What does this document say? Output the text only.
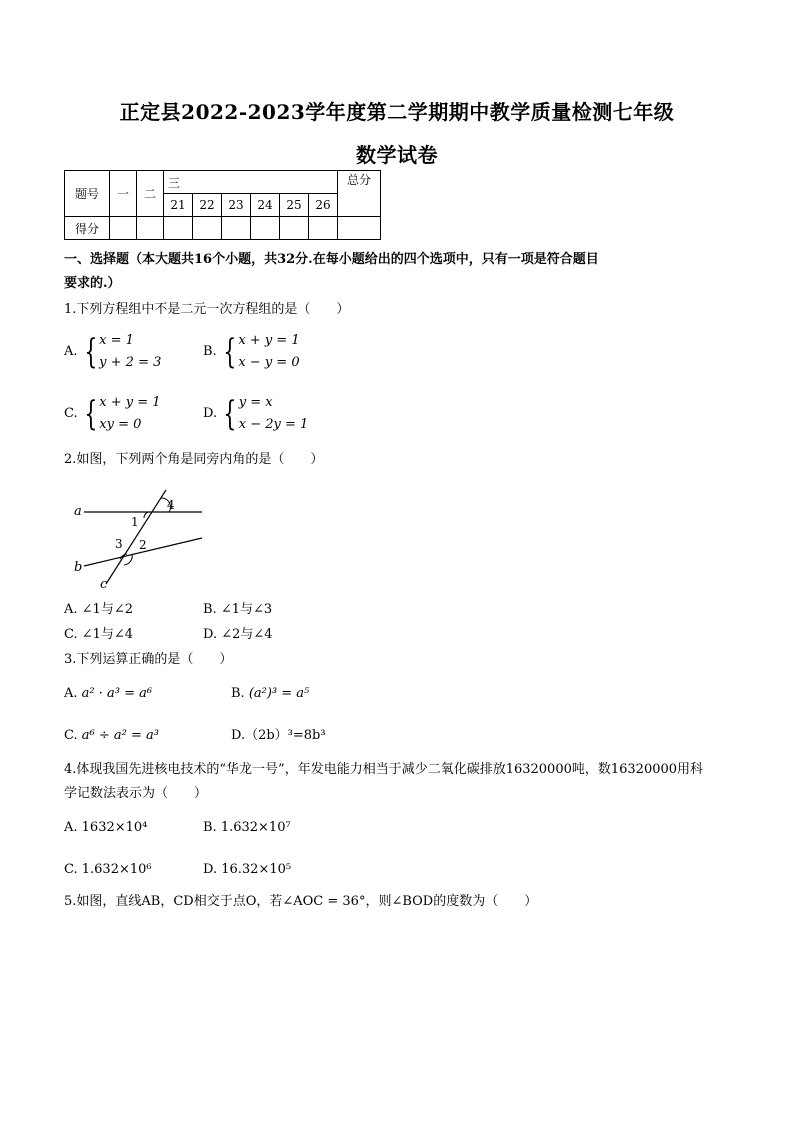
正定县2022-2023学年度第二学期期中教学质量检测七年级
数学试卷
题号	一	二	三						总分
			21	22	23	24	25	26	
得分									
一、选择题（本大题共16个小题，共32分.在每小题给出的四个选项中，只有一项是符合题目
要求的.）
1.下列方程组中不是二元一次方程组的是（　　）
A. { x = 1
y + 2 = 3
B. { x + y = 1
x − y = 0
C. { x + y = 1
xy = 0
D. { y = x
x − 2y = 1
2.如图，下列两个角是同旁内角的是（　　）
a
b
c
1
2
3
4
A. ∠1与∠2	B. ∠1与∠3
C. ∠1与∠4	D. ∠2与∠4
3.下列运算正确的是（　　）
A. a² · a³ = a⁶	B. (a²)³ = a⁵
C. a⁶ ÷ a² = a³	D.（2b）³=8b³
4.体现我国先进核电技术的“华龙一号”，年发电能力相当于减少二氧化碳排放16320000吨，数16320000用科
学记数法表示为（　　）
A. 1632×10⁴	B. 1.632×10⁷
C. 1.632×10⁶	D. 16.32×10⁵
5.如图，直线AB，CD相交于点O，若∠AOC = 36°，则∠BOD的度数为（　　）
